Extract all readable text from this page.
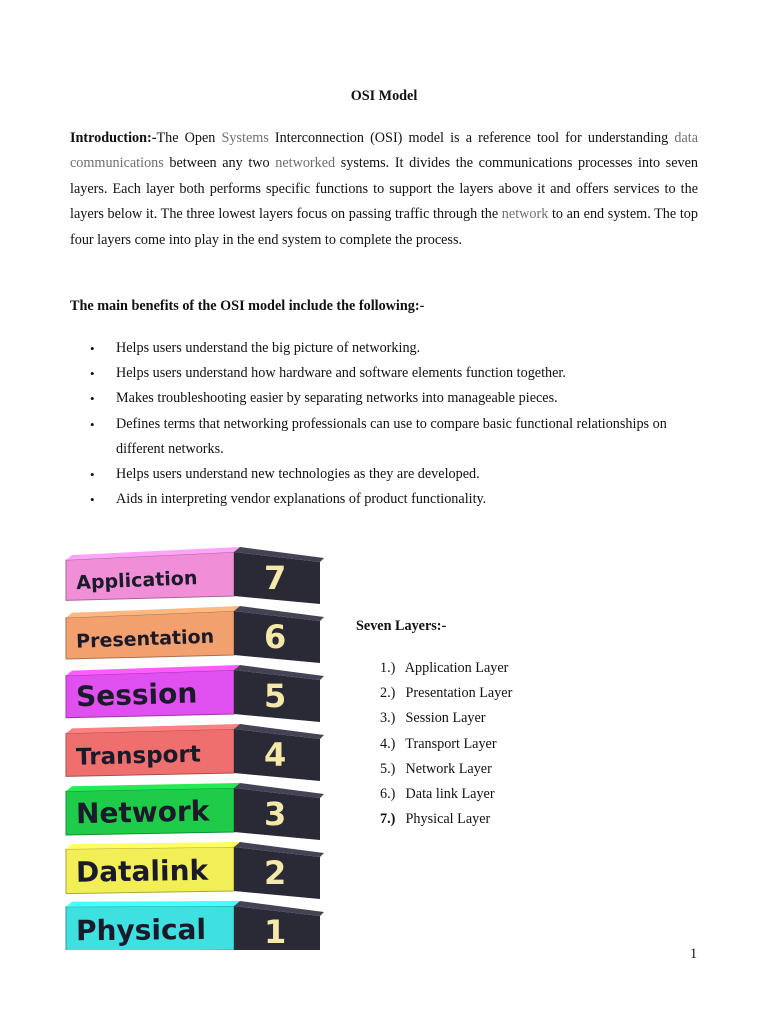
OSI Model

Introduction:-The Open Systems Interconnection (OSI) model is a reference tool for understanding data communications between any two networked systems. It divides the communications processes into seven layers. Each layer both performs specific functions to support the layers above it and offers services to the layers below it. The three lowest layers focus on passing traffic through the network to an end system. The top four layers come into play in the end system to complete the process.

The main benefits of the OSI model include the following:-
• Helps users understand the big picture of networking.
• Helps users understand how hardware and software elements function together.
• Makes troubleshooting easier by separating networks into manageable pieces.
• Defines terms that networking professionals can use to compare basic functional relationships on different networks.
• Helps users understand new technologies as they are developed.
• Aids in interpreting vendor explanations of product functionality.
Application 7
Presentation 6
Session 5
Transport 4
Network 3
Datalink 2
Physical 1
Seven Layers:-
1.) Application Layer
2.) Presentation Layer
3.) Session Layer
4.) Transport Layer
5.) Network Layer
6.) Data link Layer
7.) Physical Layer
1
